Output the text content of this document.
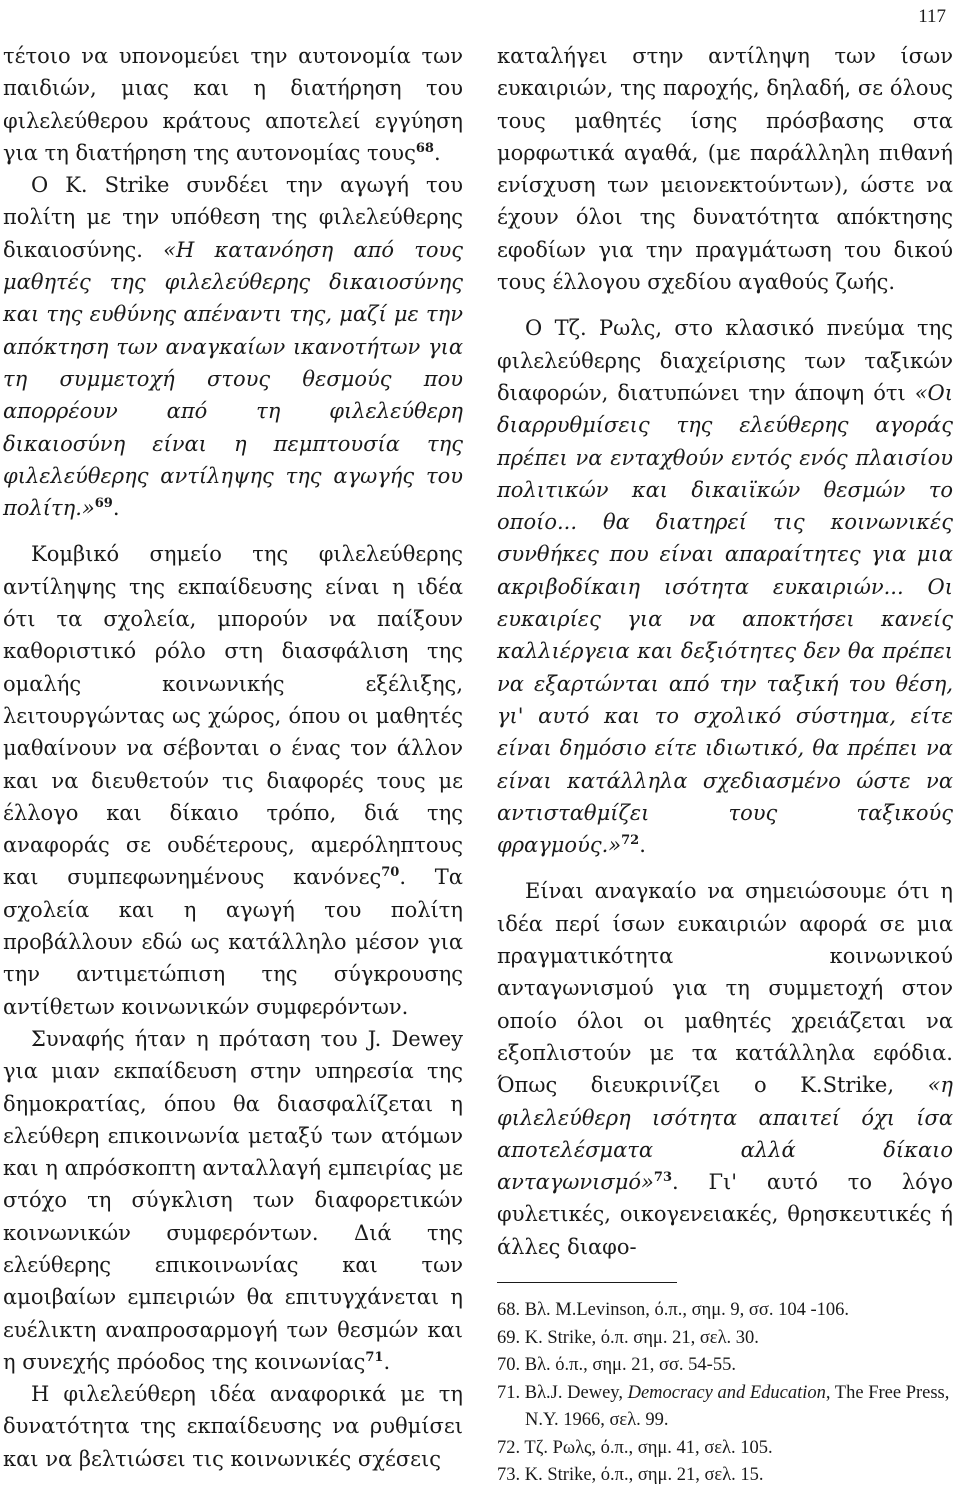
117

τέτοιο να υπονομεύει την αυτονομία των παιδιών, μιας και η διατήρηση του φιλελεύθερου κράτους αποτελεί εγγύηση για τη διατήρηση της αυτονομίας τους$^{68}$.

Ο Κ. Strike συνδέει την αγωγή του πολίτη με την υπόθεση της φιλελεύθερης δικαιοσύνης. «Η κατανόηση από τους μαθητές της φιλελεύθερης δικαιοσύνης και της ευθύνης απέναντι της, μαζί με την απόκτηση των αναγκαίων ικανοτήτων για τη συμμετοχή στους θεσμούς που απορρέουν από τη φιλελεύθερη δικαιοσύνη είναι η πεμπτουσία της φιλελεύθερης αντίληψης της αγωγής του πολίτη.»$^{69}$.

Κομβικό σημείο της φιλελεύθερης αντίληψης της εκπαίδευσης είναι η ιδέα ότι τα σχολεία, μπορούν να παίξουν καθοριστικό ρόλο στη διασφάλιση της ομαλής κοινωνικής εξέλιξης, λειτουργώντας ως χώρος, όπου οι μαθητές μαθαίνουν να σέβονται ο ένας τον άλλον και να διευθετούν τις διαφορές τους με έλλογο και δίκαιο τρόπο, διά της αναφοράς σε ουδέτερους, αμερόληπτους και συμπεφωνημένους κανόνες$^{70}$. Τα σχολεία και η αγωγή του πολίτη προβάλλουν εδώ ως κατάλληλο μέσον για την αντιμετώπιση της σύγκρουσης αντίθετων κοινωνικών συμφερόντων.

Συναφής ήταν η πρόταση του J. Dewey για μιαν εκπαίδευση στην υπηρεσία της δημοκρατίας, όπου θα διασφαλίζεται η ελεύθερη επικοινωνία μεταξύ των ατόμων και η απρόσκοπτη ανταλλαγή εμπειρίας με στόχο τη σύγκλιση των διαφορετικών κοινωνικών συμφερόντων. Διά της ελεύθερης επικοινωνίας και των αμοιβαίων εμπειριών θα επιτυγχάνεται η ευέλικτη αναπροσαρμογή των θεσμών και η συνεχής πρόοδος της κοινωνίας$^{71}$.

Η φιλελεύθερη ιδέα αναφορικά με τη δυνατότητα της εκπαίδευσης να ρυθμίσει και να βελτιώσει τις κοινωνικές σχέσεις

καταλήγει στην αντίληψη των ίσων ευκαιριών, της παροχής, δηλαδή, σε όλους τους μαθητές ίσης πρόσβασης στα μορφωτικά αγαθά, (με παράλληλη πιθανή ενίσχυση των μειονεκτούντων), ώστε να έχουν όλοι της δυνατότητα απόκτησης εφοδίων για την πραγμάτωση του δικού τους έλλογου σχεδίου αγαθούς ζωής.

Ο Τζ. Ρωλς, στο κλασικό πνεύμα της φιλελεύθερης διαχείρισης των ταξικών διαφορών, διατυπώνει την άποψη ότι «Οι διαρρυθμίσεις της ελεύθερης αγοράς πρέπει να ενταχθούν εντός ενός πλαισίου πολιτικών και δικαιϊκών θεσμών το οποίο... θα διατηρεί τις κοινωνικές συνθήκες που είναι απαραίτητες για μια ακριβοδίκαιη ισότητα ευκαιριών... Οι ευκαιρίες για να αποκτήσει κανείς καλλιέργεια και δεξιότητες δεν θα πρέπει να εξαρτώνται από την ταξική του θέση, γι' αυτό και το σχολικό σύστημα, είτε είναι δημόσιο είτε ιδιωτικό, θα πρέπει να είναι κατάλληλα σχεδιασμένο ώστε να αντισταθμίζει τους ταξικούς φραγμούς.»$^{72}$.

Είναι αναγκαίο να σημειώσουμε ότι η ιδέα περί ίσων ευκαιριών αφορά σε μια πραγματικότητα κοινωνικού ανταγωνισμού για τη συμμετοχή στον οποίο όλοι οι μαθητές χρειάζεται να εξοπλιστούν με τα κατάλληλα εφόδια. Όπως διευκρινίζει ο K.Strike, «η φιλελεύθερη ισότητα απαιτεί όχι ίσα αποτελέσματα αλλά δίκαιο ανταγωνισμό»$^{73}$. Γι' αυτό το λόγο φυλετικές, οικογενειακές, θρησκευτικές ή άλλες διαφο-

68. Βλ. M.Levinson, ό.π., σημ. 9, σσ. 104 -106.
69. K. Strike, ό.π. σημ. 21, σελ. 30.
70. Βλ. ό.π., σημ. 21, σσ. 54-55.
71. Βλ.J. Dewey, Democracy and Education, The Free Press, N.Y. 1966, σελ. 99.
72. Τζ. Ρωλς, ό.π., σημ. 41, σελ. 105.
73. K. Strike, ό.π., σημ. 21, σελ. 15.
